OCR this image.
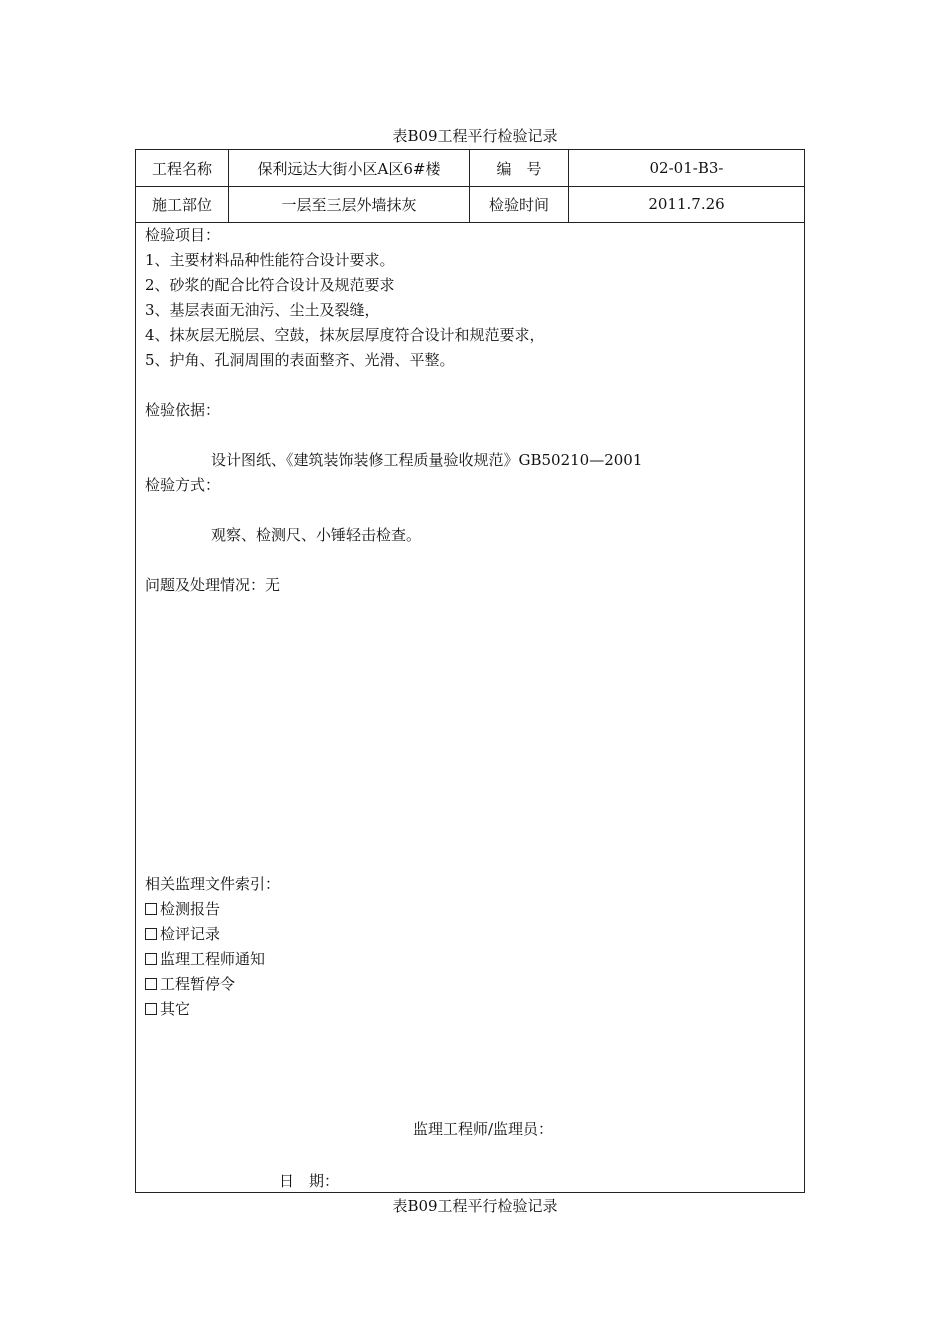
表B09工程平行检验记录
工程名称	保利远达大街小区A区6#楼	编　号	02-01-B3-
施工部位	一层至三层外墙抹灰	检验时间	2011.7.26
检验项目：
1、主要材料品种性能符合设计要求。
2、砂浆的配合比符合设计及规范要求
3、基层表面无油污、尘土及裂缝，
4、抹灰层无脱层、空鼓，抹灰层厚度符合设计和规范要求，
5、护角、孔洞周围的表面整齐、光滑、平整。
检验依据：
设计图纸、《建筑装饰装修工程质量验收规范》GB50210—2001
检验方式：
观察、检测尺、小锤轻击检查。
问题及处理情况：无
相关监理文件索引：
检测报告
检评记录
监理工程师通知
工程暂停令
其它
监理工程师/监理员：
日　期：
表B09工程平行检验记录
